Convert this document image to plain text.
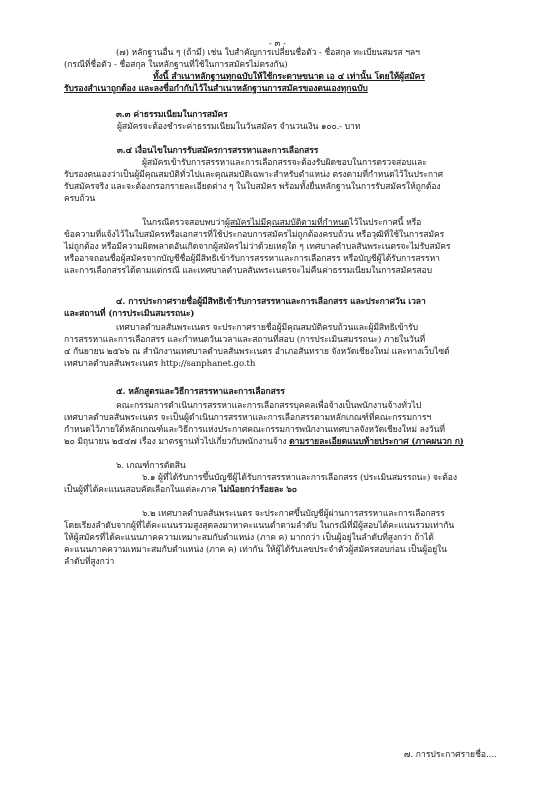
- ๓ -
(๗) หลักฐานอื่น ๆ (ถ้ามี) เช่น ใบสำคัญการเปลี่ยนชื่อตัว - ชื่อสกุล ทะเบียนสมรส ฯลฯ
(กรณีที่ชื่อตัว - ชื่อสกุล ในหลักฐานที่ใช้ในการสมัครไม่ตรงกัน)
ทั้งนี้ สำเนาหลักฐานทุกฉบับให้ใช้กระดาษขนาด เอ ๔ เท่านั้น โดยให้ผู้สมัคร
รับรองสำเนาถูกต้อง และลงชื่อกำกับไว้ในสำเนาหลักฐานการสมัครของตนเองทุกฉบับ
๓.๓ ค่าธรรมเนียมในการสมัคร
ผู้สมัครจะต้องชำระค่าธรรมเนียมในวันสมัคร จำนวนเงิน ๑๐๐.- บาท
๓.๔ เงื่อนไขในการรับสมัครการสรรหาและการเลือกสรร
ผู้สมัครเข้ารับการสรรหาและการเลือกสรรจะต้องรับผิดชอบในการตรวจสอบและ
รับรองตนเองว่าเป็นผู้มีคุณสมบัติทั่วไปและคุณสมบัติเฉพาะสำหรับตำแหน่ง ตรงตามที่กำหนดไว้ในประกาศ
รับสมัครจริง และจะต้องกรอกรายละเอียดต่าง ๆ ในใบสมัคร พร้อมทั้งยื่นหลักฐานในการรับสมัครให้ถูกต้อง
ครบถ้วน
ในกรณีตรวจสอบพบว่าผู้สมัครไม่มีคุณสมบัติตามที่กำหนดไว้ในประกาศนี้ หรือ
ข้อความที่แจ้งไว้ในใบสมัครหรือเอกสารที่ใช้ประกอบการสมัครไม่ถูกต้องครบถ้วน หรือวุฒิที่ใช้ในการสมัคร
ไม่ถูกต้อง หรือมีความผิดพลาดอันเกิดจากผู้สมัครไม่ว่าด้วยเหตุใด ๆ เทศบาลตำบลสันพระเนตรจะไม่รับสมัคร
หรืออาจถอนชื่อผู้สมัครจากบัญชีชื่อผู้มีสิทธิเข้ารับการสรรหาและการเลือกสรร หรือบัญชีผู้ได้รับการสรรหา
และการเลือกสรรได้ตามแต่กรณี และเทศบาลตำบลสันพระเนตรจะไม่คืนค่าธรรมเนียมในการสมัครสอบ
๔. การประกาศรายชื่อผู้มีสิทธิเข้ารับการสรรหาและการเลือกสรร และประกาศวัน เวลา
และสถานที่ (การประเมินสมรรถนะ)
เทศบาลตำบลสันพระเนตร จะประกาศรายชื่อผู้มีคุณสมบัติครบถ้วนและผู้มีสิทธิเข้ารับ
การสรรหาและการเลือกสรร และกำหนดวันเวลาและสถานที่สอบ (การประเมินสมรรถนะ) ภายในวันที่
๔ กันยายน ๒๕๖๖ ณ สำนักงานเทศบาลตำบลสันพระเนตร อำเภอสันทราย จังหวัดเชียงใหม่ และทางเว็บไซต์
เทศบาลตำบลสันพระเนตร http://sanphanet.go.th
๕. หลักสูตรและวิธีการสรรหาและการเลือกสรร
คณะกรรมการดำเนินการสรรหาและการเลือกสรรบุคคลเพื่อจ้างเป็นพนักงานจ้างทั่วไป
เทศบาลตำบลสันพระเนตร จะเป็นผู้ดำเนินการสรรหาและการเลือกสรรตามหลักเกณฑ์ที่คณะกรรมการฯ
กำหนดไว้ภายใต้หลักเกณฑ์และวิธีการแห่งประกาศคณะกรรมการพนักงานเทศบาลจังหวัดเชียงใหม่ ลงวันที่
๒๐ มิถุนายน ๒๕๔๗ เรื่อง มาตรฐานทั่วไปเกี่ยวกับพนักงานจ้าง ตามรายละเอียดแนบท้ายประกาศ (ภาคผนวก ก)
๖. เกณฑ์การตัดสิน
๖.๑ ผู้ที่ได้รับการขึ้นบัญชีผู้ได้รับการสรรหาและการเลือกสรร (ประเมินสมรรถนะ) จะต้อง
เป็นผู้ที่ได้คะแนนสอบคัดเลือกในแต่ละภาค ไม่น้อยกว่าร้อยละ ๖๐
๖.๒ เทศบาลตำบลสันพระเนตร จะประกาศขึ้นบัญชีผู้ผ่านการสรรหาและการเลือกสรร
โดยเรียงลำดับจากผู้ที่ได้คะแนนรวมสูงสุดลงมาหาคะแนนต่ำตามลำดับ ในกรณีที่มีผู้สอบได้คะแนนรวมเท่ากัน
ให้ผู้สมัครที่ได้คะแนนภาคความเหมาะสมกับตำแหน่ง (ภาค ค) มากกว่า เป็นผู้อยู่ในลำดับที่สูงกว่า ถ้าได้
คะแนนภาคความเหมาะสมกับตำแหน่ง (ภาค ค) เท่ากัน ให้ผู้ได้รับเลขประจำตัวผู้สมัครสอบก่อน เป็นผู้อยู่ใน
ลำดับที่สูงกว่า
๗. การประกาศรายชื่อ....
